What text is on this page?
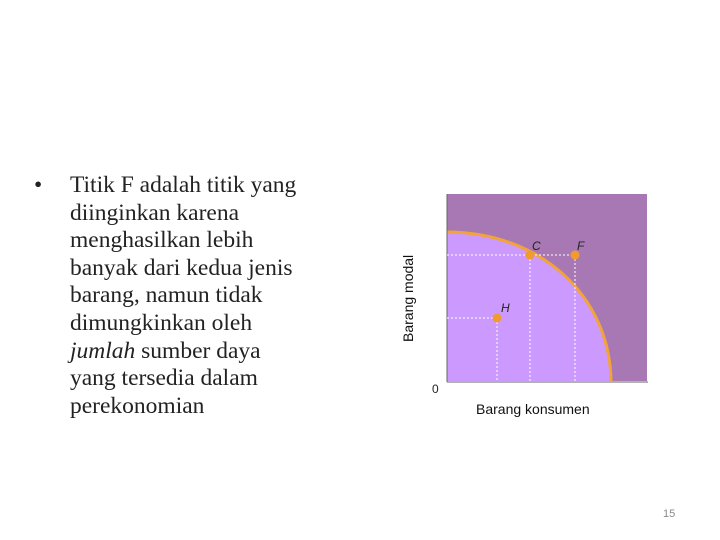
• Titik F adalah titik yang
diinginkan karena
menghasilkan lebih
banyak dari kedua jenis
barang, namun tidak
dimungkinkan oleh
jumlah sumber daya
yang tersedia dalam
perekonomian
Barang modal
C	F
H
0
Barang konsumen
15
